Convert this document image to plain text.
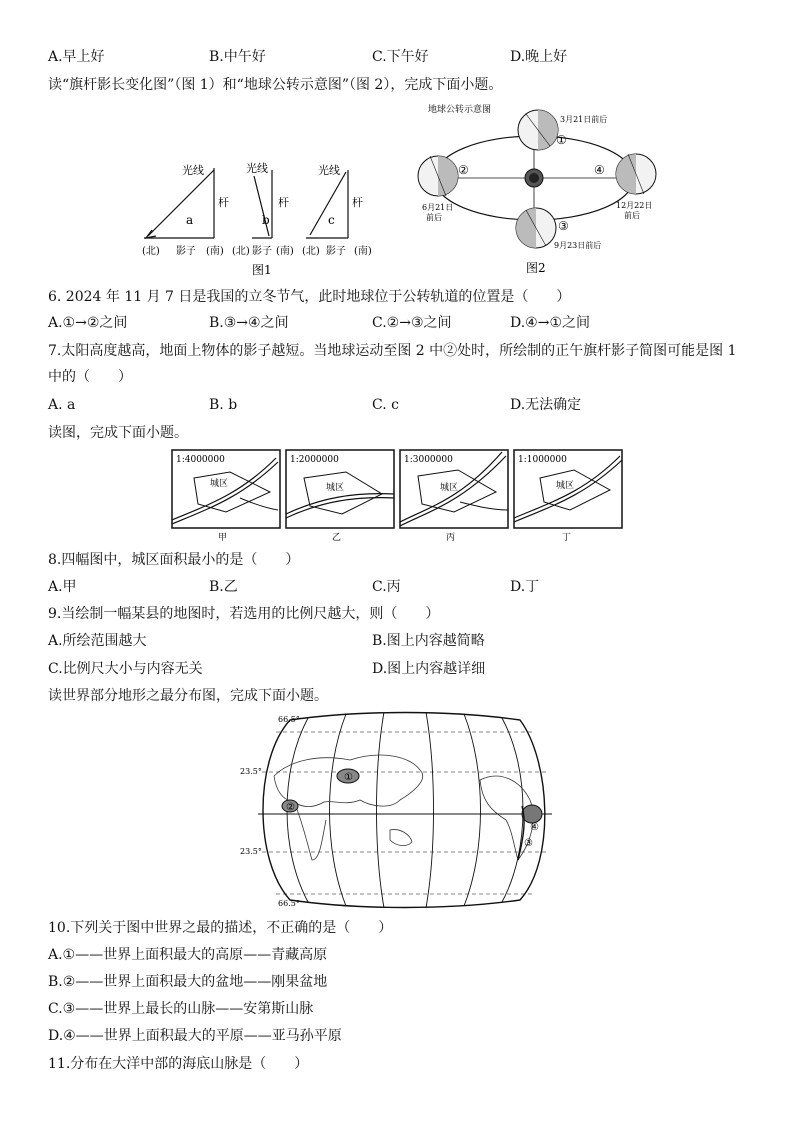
A.早上好	B.中午好	C.下午好	D.晚上好
读“旗杆影长变化图”（图 1）和“地球公转示意图”（图 2），完成下面小题。
光线	光线	光线
杆	杆	杆
a	b	c
(北) 影子 (南) (北) 影子 (南) (北) 影子 (南)
图1
地球公转示意图
3月21日前后
①
②
③
④
6月21日
前后
12月22日
前后
9月23日前后
图2
6. 2024 年 11 月 7 日是我国的立冬节气，此时地球位于公转轨道的位置是（　　）
A.①→②之间	B.③→④之间	C.②→③之间	D.④→①之间
7.太阳高度越高，地面上物体的影子越短。当地球运动至图 2 中②处时，所绘制的正午旗杆影子简图可能是图 1
中的（　　）
A. a	B. b	C. c	D.无法确定
读图，完成下面小题。
1:4000000
城区
甲
1:2000000
城区
乙
1:3000000
城区
丙
1:1000000
城区
丁
8.四幅图中，城区面积最小的是（　　）
A.甲	B.乙	C.丙	D.丁
9.当绘制一幅某县的地图时，若选用的比例尺越大，则（　　）
A.所绘范围越大	B.图上内容越简略
C.比例尺大小与内容无关	D.图上内容越详细
读世界部分地形之最分布图，完成下面小题。
①
②
③
④
66.5°
23.5°
23.5°
66.5°
10.下列关于图中世界之最的描述，不正确的是（　　）
A.①——世界上面积最大的高原——青藏高原
B.②——世界上面积最大的盆地——刚果盆地
C.③——世界上最长的山脉——安第斯山脉
D.④——世界上面积最大的平原——亚马孙平原
11.分布在大洋中部的海底山脉是（　　）
